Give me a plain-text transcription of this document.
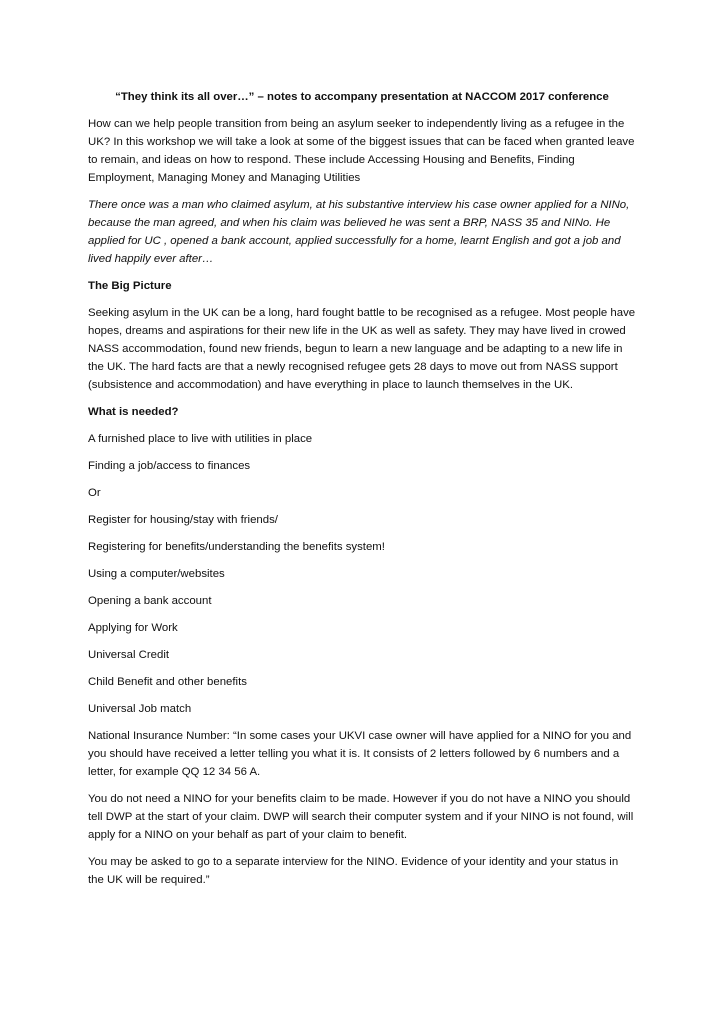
“They think its all over…” – notes to accompany presentation at NACCOM 2017 conference

How can we help people transition from being an asylum seeker to independently living as a refugee in the UK? In this workshop we will take a look at some of the biggest issues that can be faced when granted leave to remain, and ideas on how to respond. These include Accessing Housing and Benefits, Finding Employment, Managing Money and Managing Utilities

There once was a man who claimed asylum, at his substantive interview his case owner applied for a NINo, because the man agreed, and when his claim was believed he was sent a BRP, NASS 35 and NINo. He applied for UC , opened a bank account, applied successfully for a home, learnt English and got a job and lived happily ever after…

The Big Picture

Seeking asylum in the UK can be a long, hard fought battle to be recognised as a refugee. Most people have hopes, dreams and aspirations for their new life in the UK as well as safety. They may have lived in crowed NASS accommodation, found new friends, begun to learn a new language and be adapting to a new life in the UK. The hard facts are that a newly recognised refugee gets 28 days to move out from NASS support (subsistence and accommodation) and have everything in place to launch themselves in the UK.

What is needed?

A furnished place to live with utilities in place
Finding a job/access to finances
Or
Register for housing/stay with friends/
Registering for benefits/understanding the benefits system!
Using a computer/websites
Opening a bank account
Applying for Work
Universal Credit
Child Benefit and other benefits
Universal Job match

National Insurance Number: “In some cases your UKVI case owner will have applied for a NINO for you and you should have received a letter telling you what it is. It consists of 2 letters followed by 6 numbers and a letter, for example QQ 12 34 56 A.

You do not need a NINO for your benefits claim to be made. However if you do not have a NINO you should tell DWP at the start of your claim. DWP will search their computer system and if your NINO is not found, will apply for a NINO on your behalf as part of your claim to benefit.

You may be asked to go to a separate interview for the NINO. Evidence of your identity and your status in the UK will be required.”
